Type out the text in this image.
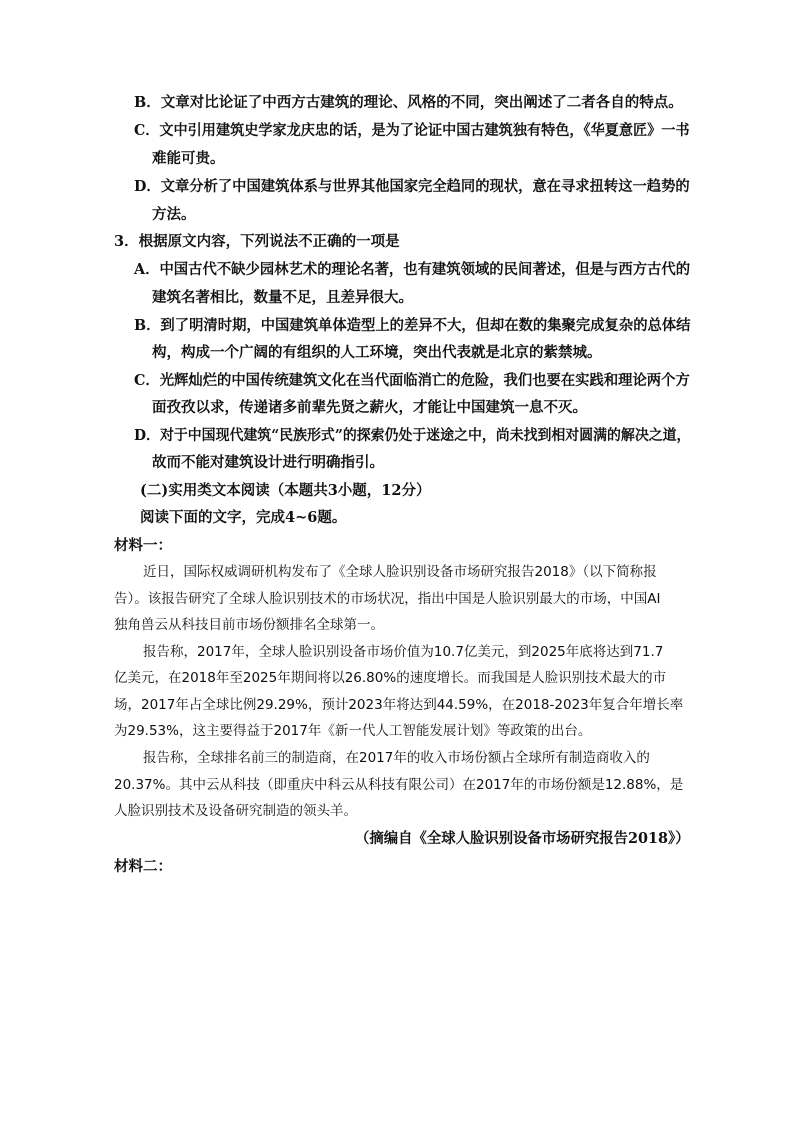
B．文章对比论证了中西方古建筑的理论、风格的不同，突出阐述了二者各自的特点。
C．文中引用建筑史学家龙庆忠的话，是为了论证中国古建筑独有特色，《华夏意匠》一书
难能可贵。
D．文章分析了中国建筑体系与世界其他国家完全趋同的现状，意在寻求扭转这一趋势的
方法。
3．根据原文内容，下列说法不正确的一项是
A．中国古代不缺少园林艺术的理论名著，也有建筑领域的民间著述，但是与西方古代的
建筑名著相比，数量不足，且差异很大。
B．到了明清时期，中国建筑单体造型上的差异不大，但却在数的集聚完成复杂的总体结
构，构成一个广阔的有组织的人工环境，突出代表就是北京的紫禁城。
C．光辉灿烂的中国传统建筑文化在当代面临消亡的危险，我们也要在实践和理论两个方
面孜孜以求，传递诸多前辈先贤之薪火，才能让中国建筑一息不灭。
D．对于中国现代建筑“民族形式”的探索仍处于迷途之中，尚未找到相对圆满的解决之道，
故而不能对建筑设计进行明确指引。
(二)实用类文本阅读（本题共3小题，12分）
阅读下面的文字，完成4~6题。
材料一：
近日，国际权威调研机构发布了《全球人脸识别设备市场研究报告2018》（以下简称报
告）。该报告研究了全球人脸识别技术的市场状况，指出中国是人脸识别最大的市场，中国AI
独角兽云从科技目前市场份额排名全球第一。
报告称，2017年，全球人脸识别设备市场价值为10.7亿美元，到2025年底将达到71.7
亿美元，在2018年至2025年期间将以26.80%的速度增长。而我国是人脸识别技术最大的市
场，2017年占全球比例29.29%，预计2023年将达到44.59%，在2018-2023年复合年增长率
为29.53%，这主要得益于2017年《新一代人工智能发展计划》等政策的出台。
报告称，全球排名前三的制造商，在2017年的收入市场份额占全球所有制造商收入的
20.37%。其中云从科技（即重庆中科云从科技有限公司）在2017年的市场份额是12.88%，是
人脸识别技术及设备研究制造的领头羊。
（摘编自《全球人脸识别设备市场研究报告2018》）
材料二：
